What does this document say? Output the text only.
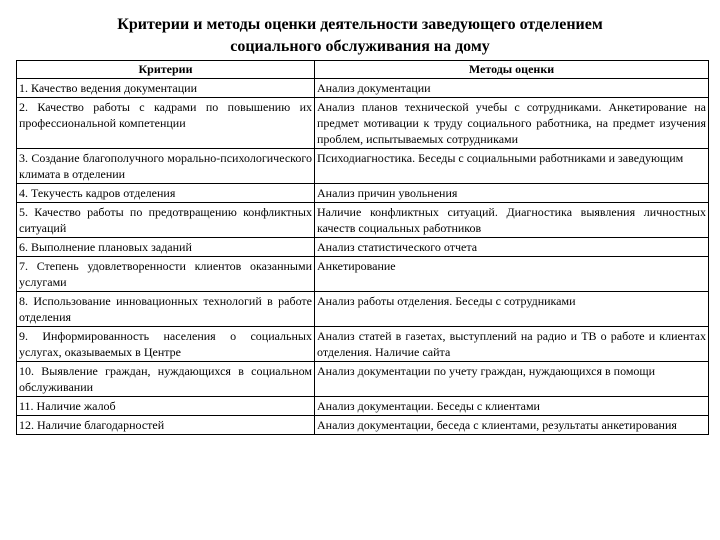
Критерии и методы оценки деятельности заведующего отделением
социального обслуживания на дому
Критерии	Методы оценки
1. Качество ведения документации	Анализ документации
2. Качество работы с кадрами по повышению их профессиональной компетенции	Анализ планов технической учебы с сотрудниками. Анкетирование на предмет мотивации к труду социального работника, на предмет изучения проблем, испытываемых сотрудниками
3. Создание благополучного морально-психологического климата в отделении	Психодиагностика. Беседы с социальными работниками и заведующим
4. Текучесть кадров отделения	Анализ причин увольнения
5. Качество работы по предотвращению конфликтных ситуаций	Наличие конфликтных ситуаций. Диагностика выявления личностных качеств социальных работников
6. Выполнение плановых заданий	Анализ статистического отчета
7. Степень удовлетворенности клиентов оказанными услугами	Анкетирование
8. Использование инновационных технологий в работе отделения	Анализ работы отделения. Беседы с сотрудниками
9. Информированность населения о социальных услугах, оказываемых в Центре	Анализ статей в газетах, выступлений на радио и ТВ о работе и клиентах отделения. Наличие сайта
10. Выявление граждан, нуждающихся в социальном обслуживании	Анализ документации по учету граждан, нуждающихся в помощи
11. Наличие жалоб	Анализ документации. Беседы с клиентами
12. Наличие благодарностей	Анализ документации, беседа с клиентами, результаты анкетирования
